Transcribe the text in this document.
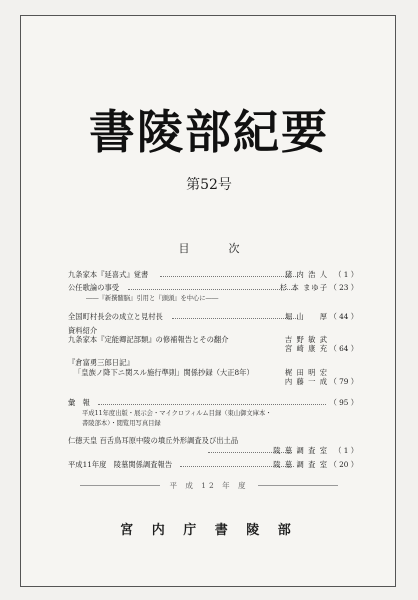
書陵部紀要
第52号
目　次
九条家本『延喜式』覚書	猪 内 浩 人 （ 1 ）
公任歌論の事受	杉 本 まゆ子 （ 23 ）
――『新撰髄脳』引用と『頭頭』を中心に――
全国町村長会の成立と見村長	堀 山 　 厚 （ 44 ）
資料紹介
九条家本『定能卿記部類』の修補報告とその翻介	吉 野 敏 武
宮 崎 康 充 （ 64 ）
『倉富勇三郎日記』
「皇族ノ降下ニ関スル施行準則」関係抄録（大正8年）	梶 田 明 宏
内 藤 一 成 （ 79 ）
彙　報	（ 95 ）
平成11年度出版・展示会・マイクロフィルム目録（東山御文庫本・
書陵部本）・閲覧用写真目録
仁徳天皇 百舌鳥耳原中陵の墳丘外形調査及び出土品
陵 墓 調 査 室 （ 1 ）
平成11年度　陵墓関係調査報告	陵 墓 調 査 室 （ 20 ）
平 成 12 年 度
宮 内 庁 書 陵 部
